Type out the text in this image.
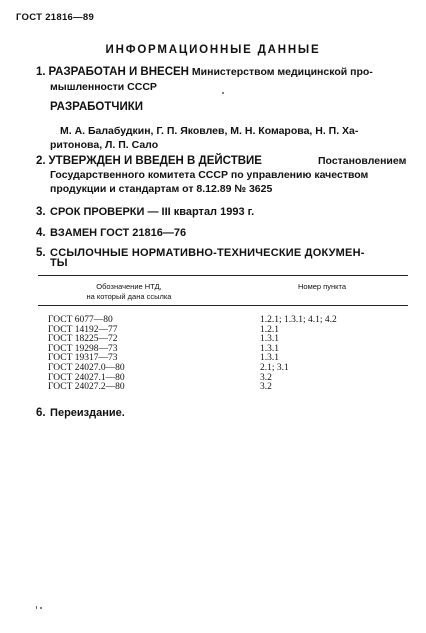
ГОСТ 21816—89
ИНФОРМАЦИОННЫЕ ДАННЫЕ
1. РАЗРАБОТАН И ВНЕСЕН Министерством медицинской про-
мышленности СССР
РАЗРАБОТЧИКИ
М. А. Балабудкин, Г. П. Яковлев, М. Н. Комарова, Н. П. Ха-
ритонова, Л. П. Сало
2. УТВЕРЖДЕН И ВВЕДЕН В ДЕЙСТВИЕ	Постановлением
Государственного комитета СССР по управлению качеством
продукции и стандартам от 8.12.89 № 3625
3. СРОК ПРОВЕРКИ — III квартал 1993 г.
4. ВЗАМЕН ГОСТ 21816—76
5. ССЫЛОЧНЫЕ НОРМАТИВНО-ТЕХНИЧЕСКИЕ ДОКУМЕН-
ТЫ
Обозначение НТД,
на который дана ссылка
Номер пункта
ГОСТ 6077—80
ГОСТ 14192—77
ГОСТ 18225—72
ГОСТ 19298—73
ГОСТ 19317—73
ГОСТ 24027.0—80
ГОСТ 24027.1—80
ГОСТ 24027.2—80
1.2.1; 1.3.1; 4.1; 4.2
1.2.1
1.3.1
1.3.1
1.3.1
2.1; 3.1
3.2
3.2
6. Переиздание.
